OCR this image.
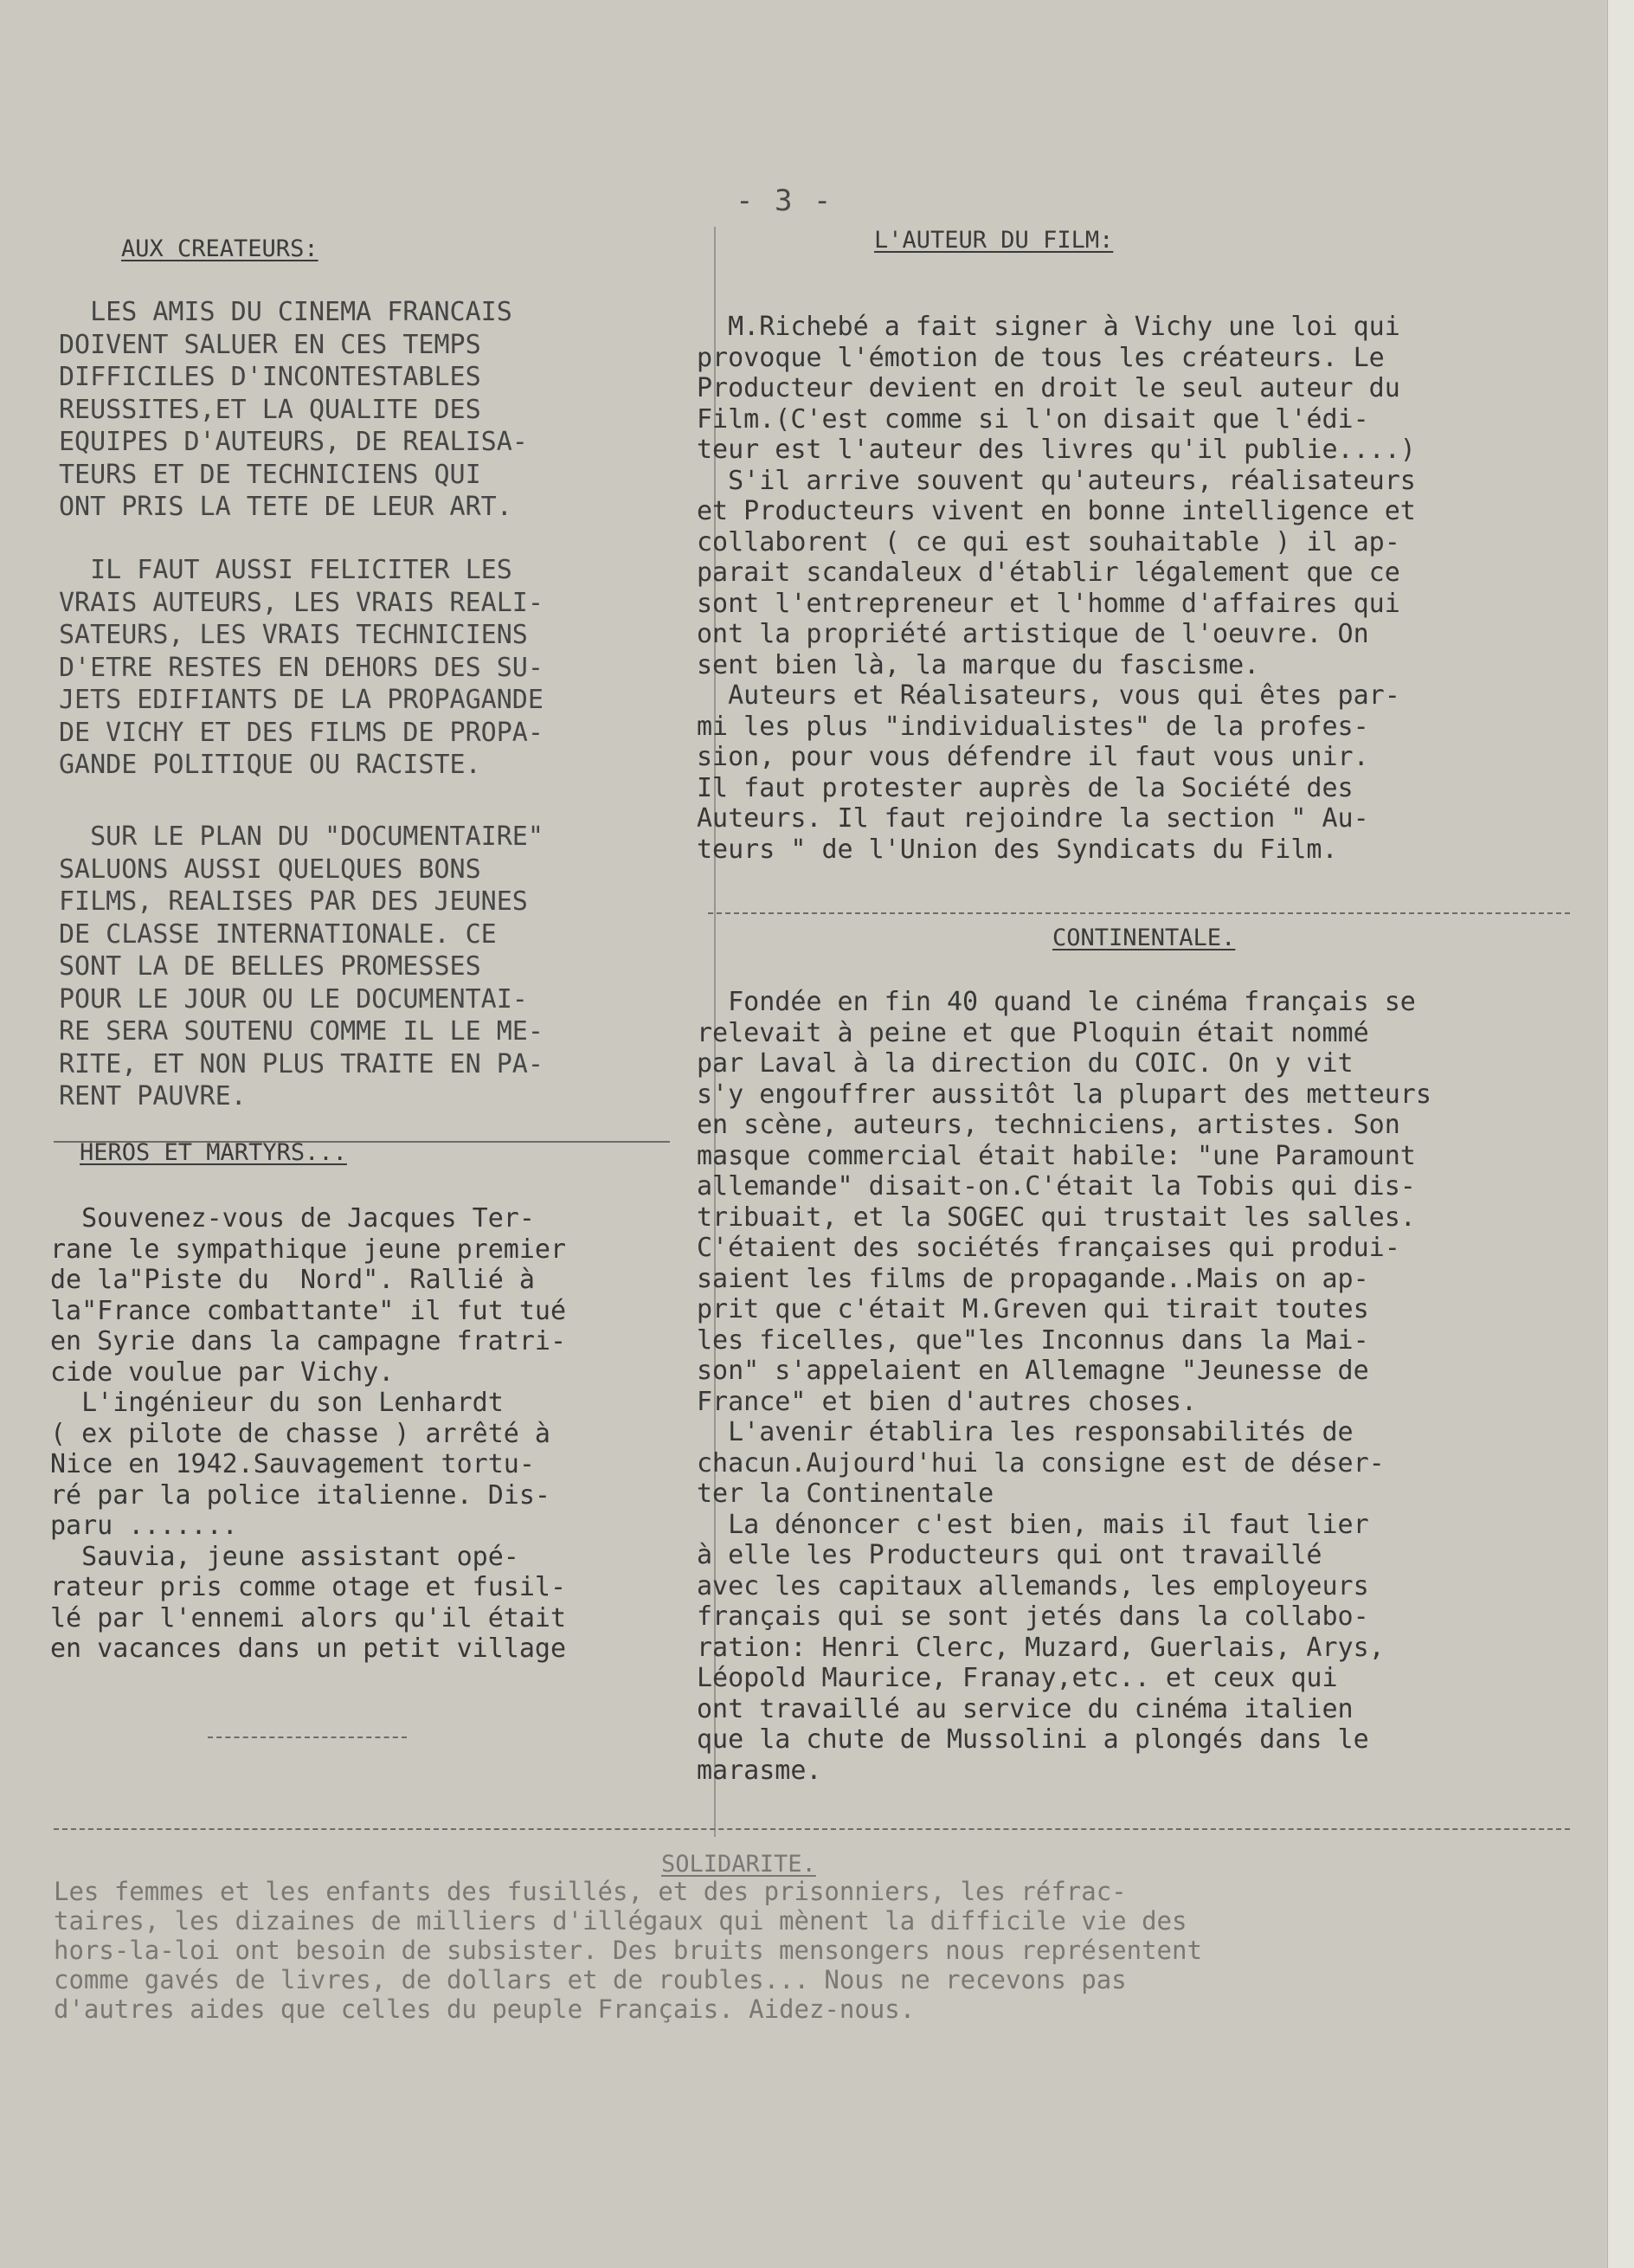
- 3 -
AUX CREATEURS:
LES AMIS DU CINEMA FRANCAIS
DOIVENT SALUER EN CES TEMPS
DIFFICILES D'INCONTESTABLES
REUSSITES,ET LA QUALITE DES
EQUIPES D'AUTEURS, DE REALISA-
TEURS ET DE TECHNICIENS QUI
ONT PRIS LA TETE DE LEUR ART.
IL FAUT AUSSI FELICITER LES
VRAIS AUTEURS, LES VRAIS REALI-
SATEURS, LES VRAIS TECHNICIENS
D'ETRE RESTES EN DEHORS DES SU-
JETS EDIFIANTS DE LA PROPAGANDE
DE VICHY ET DES FILMS DE PROPA-
GANDE POLITIQUE OU RACISTE.
SUR LE PLAN DU "DOCUMENTAIRE"
SALUONS AUSSI QUELQUES BONS
FILMS, REALISES PAR DES JEUNES
DE CLASSE INTERNATIONALE. CE
SONT LA DE BELLES PROMESSES
POUR LE JOUR OU LE DOCUMENTAI-
RE SERA SOUTENU COMME IL LE ME-
RITE, ET NON PLUS TRAITE EN PA-
RENT PAUVRE.
HEROS ET MARTYRS...
Souvenez-vous de Jacques Ter-
rane le sympathique jeune premier
de la"Piste du  Nord". Rallié à
la"France combattante" il fut tué
en Syrie dans la campagne fratri-
cide voulue par Vichy.
L'ingénieur du son Lenhardt
( ex pilote de chasse ) arrêté à
Nice en 1942.Sauvagement tortu-
ré par la police italienne. Dis-
paru .......
Sauvia, jeune assistant opé-
rateur pris comme otage et fusil-
lé par l'ennemi alors qu'il était
en vacances dans un petit village
L'AUTEUR DU FILM:
M.Richebé a fait signer à Vichy une loi qui
provoque l'émotion de tous les créateurs. Le
Producteur devient en droit le seul auteur du
Film.(C'est comme si l'on disait que l'édi-
teur est l'auteur des livres qu'il publie....)
S'il arrive souvent qu'auteurs, réalisateurs
et Producteurs vivent en bonne intelligence et
collaborent ( ce qui est souhaitable ) il ap-
parait scandaleux d'établir légalement que ce
sont l'entrepreneur et l'homme d'affaires qui
ont la propriété artistique de l'oeuvre. On
sent bien là, la marque du fascisme.
Auteurs et Réalisateurs, vous qui êtes par-
mi les plus "individualistes" de la profes-
sion, pour vous défendre il faut vous unir.
Il faut protester auprès de la Société des
Auteurs. Il faut rejoindre la section " Au-
teurs " de l'Union des Syndicats du Film.
CONTINENTALE.
Fondée en fin 40 quand le cinéma français se
relevait à peine et que Ploquin était nommé
par Laval à la direction du COIC. On y vit
s'y engouffrer aussitôt la plupart des metteurs
en scène, auteurs, techniciens, artistes. Son
masque commercial était habile: "une Paramount
allemande" disait-on.C'était la Tobis qui dis-
tribuait, et la SOGEC qui trustait les salles.
C'étaient des sociétés françaises qui produi-
saient les films de propagande..Mais on ap-
prit que c'était M.Greven qui tirait toutes
les ficelles, que"les Inconnus dans la Mai-
son" s'appelaient en Allemagne "Jeunesse de
France" et bien d'autres choses.
L'avenir établira les responsabilités de
chacun.Aujourd'hui la consigne est de déser-
ter la Continentale
La dénoncer c'est bien, mais il faut lier
à elle les Producteurs qui ont travaillé
avec les capitaux allemands, les employeurs
français qui se sont jetés dans la collabo-
ration: Henri Clerc, Muzard, Guerlais, Arys,
Léopold Maurice, Franay,etc.. et ceux qui
ont travaillé au service du cinéma italien
que la chute de Mussolini a plongés dans le
marasme.
SOLIDARITE.
Les femmes et les enfants des fusillés, et des prisonniers, les réfrac-
taires, les dizaines de milliers d'illégaux qui mènent la difficile vie des
hors-la-loi ont besoin de subsister. Des bruits mensongers nous représentent
comme gavés de livres, de dollars et de roubles... Nous ne recevons pas
d'autres aides que celles du peuple Français. Aidez-nous.
